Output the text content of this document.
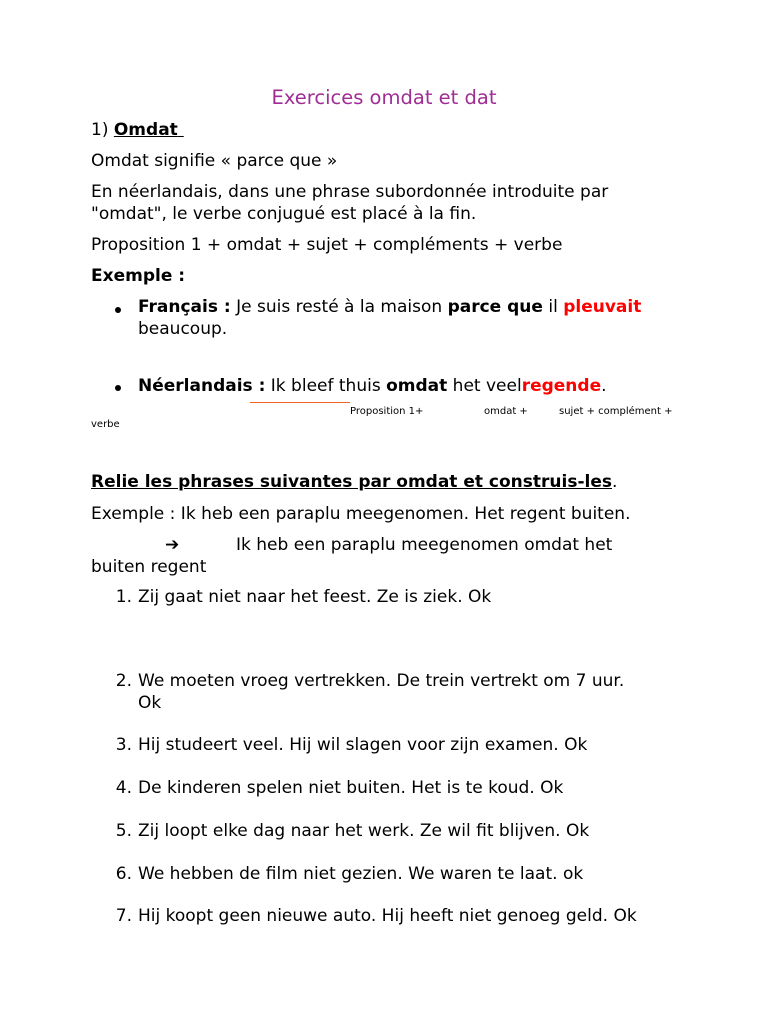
Exercices omdat et dat
1) Omdat
Omdat signifie « parce que »
En néerlandais, dans une phrase subordonnée introduite par
"omdat", le verbe conjugué est placé à la fin.
Proposition 1 + omdat + sujet + compléments + verbe
Exemple :
Français : Je suis resté à la maison parce que il pleuvait
beaucoup.
Néerlandais : Ik bleef thuis omdat het veelregende.
Proposition 1+	omdat +	sujet + complément +
verbe
Relie les phrases suivantes par omdat et construis-les.
Exemple : Ik heb een paraplu meegenomen. Het regent buiten.
➔	Ik heb een paraplu meegenomen omdat het
buiten regent
1. Zij gaat niet naar het feest. Ze is ziek. Ok
2. We moeten vroeg vertrekken. De trein vertrekt om 7 uur.
Ok
3. Hij studeert veel. Hij wil slagen voor zijn examen. Ok
4. De kinderen spelen niet buiten. Het is te koud. Ok
5. Zij loopt elke dag naar het werk. Ze wil fit blijven. Ok
6. We hebben de film niet gezien. We waren te laat. ok
7. Hij koopt geen nieuwe auto. Hij heeft niet genoeg geld. Ok
